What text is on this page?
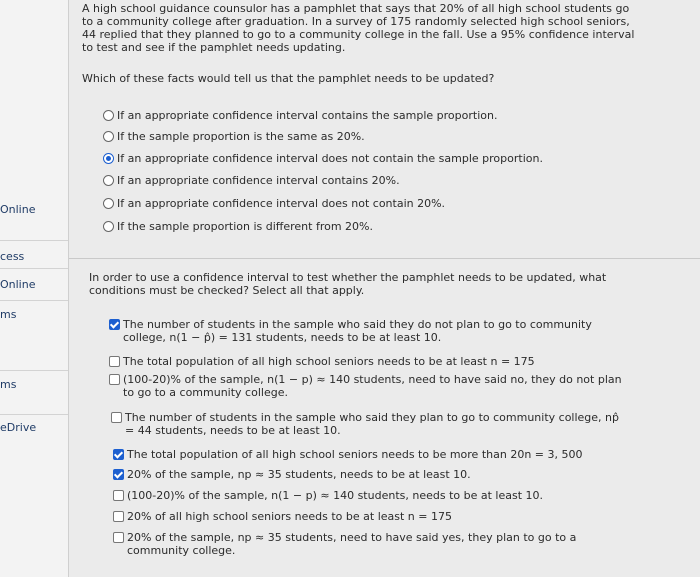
Online
cess
Online
ms
ms
eDrive
A high school guidance counsulor has a pamphlet that says that 20% of all high school students go to a community college after graduation. In a survey of 175 randomly selected high school seniors, 44 replied that they planned to go to a community college in the fall. Use a 95% confidence interval to test and see if the pamphlet needs updating.
Which of these facts would tell us that the pamphlet needs to be updated?
If an appropriate confidence interval contains the sample proportion.
If the sample proportion is the same as 20%.
If an appropriate confidence interval does not contain the sample proportion.
If an appropriate confidence interval contains 20%.
If an appropriate confidence interval does not contain 20%.
If the sample proportion is different from 20%.
In order to use a confidence interval to test whether the pamphlet needs to be updated, what conditions must be checked? Select all that apply.
The number of students in the sample who said they do not plan to go to community college, n(1 − p̂) = 131 students, needs to be at least 10.
The total population of all high school seniors needs to be at least n = 175
(100-20)% of the sample, n(1 − p) ≈ 140 students, need to have said no, they do not plan to go to a community college.
The number of students in the sample who said they plan to go to community college, np̂ = 44 students, needs to be at least 10.
The total population of all high school seniors needs to be more than 20n = 3, 500
20% of the sample, np ≈ 35 students, needs to be at least 10.
(100-20)% of the sample, n(1 − p) ≈ 140 students, needs to be at least 10.
20% of all high school seniors needs to be at least n = 175
20% of the sample, np ≈ 35 students, need to have said yes, they plan to go to a community college.
